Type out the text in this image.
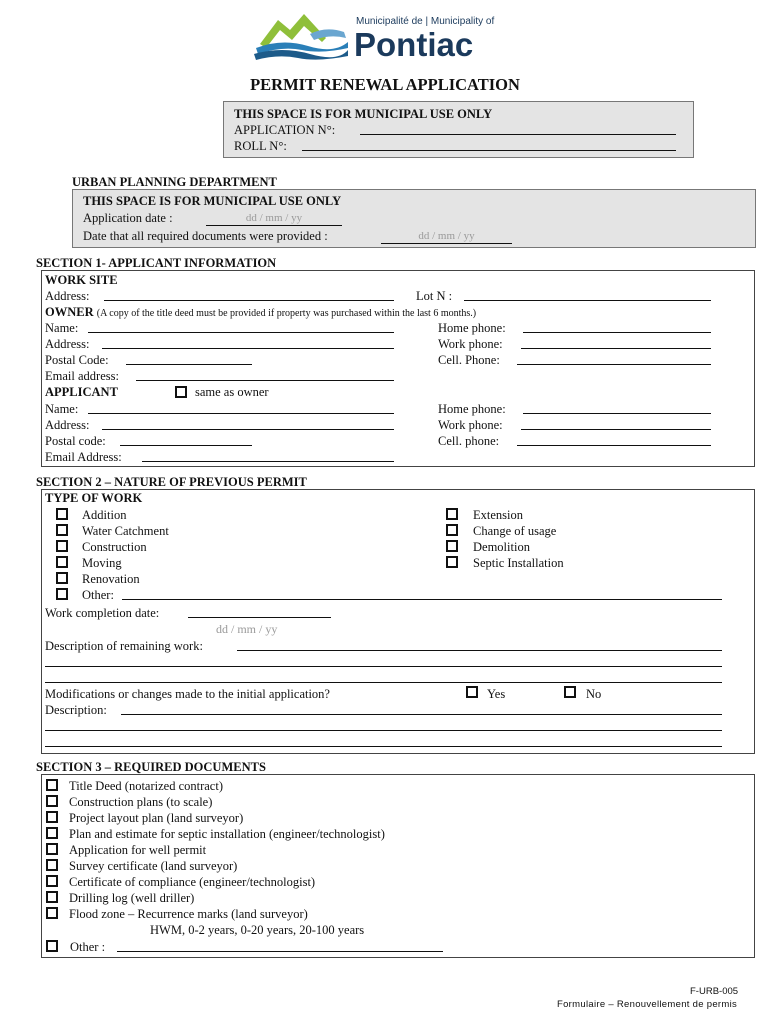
Municipalité de | Municipality of
Pontiac
PERMIT RENEWAL APPLICATION
THIS SPACE IS FOR MUNICIPAL USE ONLY
APPLICATION N°:
ROLL N°:
URBAN PLANNING DEPARTMENT
THIS SPACE IS FOR MUNICIPAL USE ONLY
Application date :	dd / mm / yy
Date that all required documents were provided :	dd / mm / yy
SECTION 1- APPLICANT INFORMATION
WORK SITE
Address:	Lot N :
OWNER (A copy of the title deed must be provided if property was purchased within the last 6 months.)
Name:	Home phone:
Address:	Work phone:
Postal Code:	Cell. Phone:
Email address:
APPLICANT	same as owner
Name:	Home phone:
Address:	Work phone:
Postal code:	Cell. phone:
Email Address:
SECTION 2 – NATURE OF PREVIOUS PERMIT
TYPE OF WORK
Addition
Water Catchment
Construction
Moving
Renovation
Other:
Extension
Change of usage
Demolition
Septic Installation
Work completion date:
dd / mm / yy
Description of remaining work:
Modifications or changes made to the initial application?	Yes	No
Description:
SECTION 3 – REQUIRED DOCUMENTS
Title Deed (notarized contract)
Construction plans (to scale)
Project layout plan (land surveyor)
Plan and estimate for septic installation (engineer/technologist)
Application for well permit
Survey certificate (land surveyor)
Certificate of compliance (engineer/technologist)
Drilling log (well driller)
Flood zone – Recurrence marks (land surveyor)
HWM, 0-2 years, 0-20 years, 20-100 years
Other :
F-URB-005
Formulaire – Renouvellement de permis
